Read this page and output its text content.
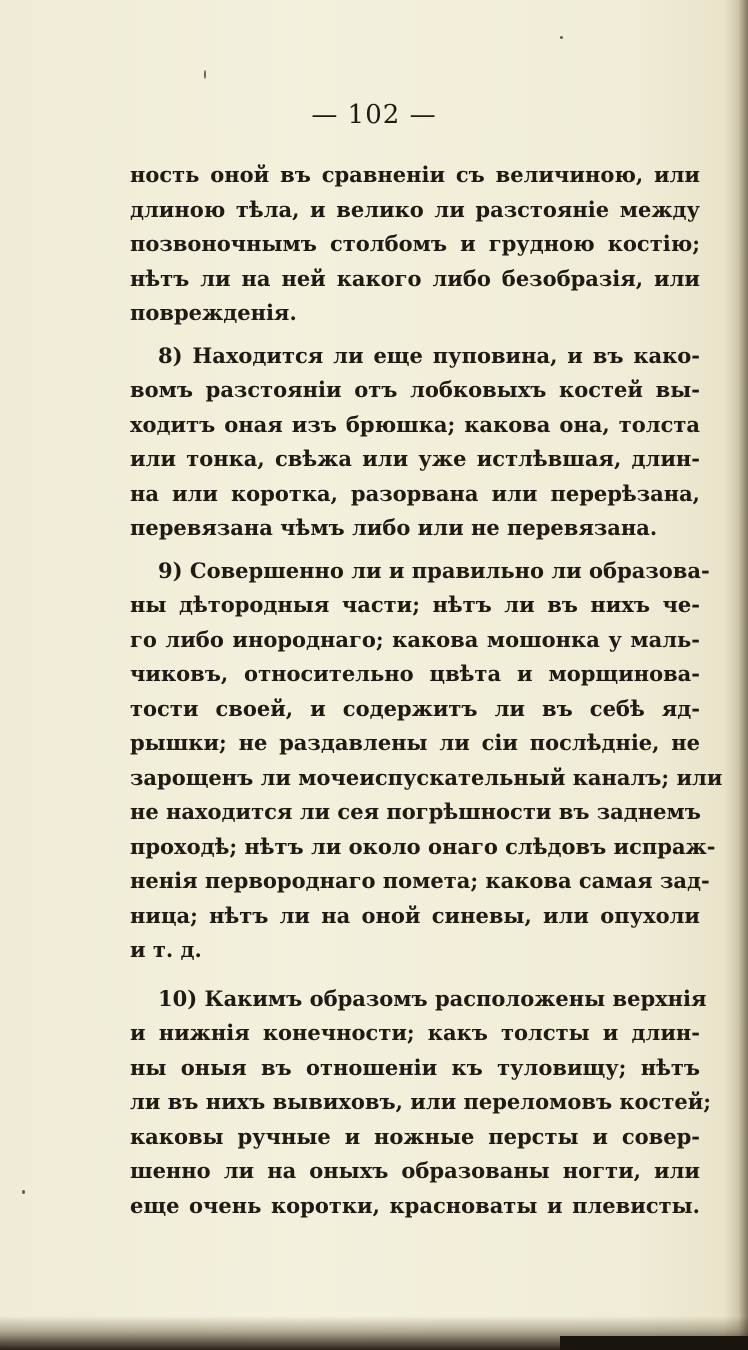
— 102 —

ность оной въ сравненіи съ величиною, или
длиною тѣла, и велико ли разстояніе между
позвоночнымъ столбомъ и грудною костію;
нѣтъ ли на ней какого либо безобразія, или
поврежденія.

8) Находится ли еще пуповина, и въ како-
вомъ разстояніи отъ лобковыхъ костей вы-
ходитъ оная изъ брюшка; какова она, толста
или тонка, свѣжа или уже истлѣвшая, длин-
на или коротка, разорвана или перерѣзана,
перевязана чѣмъ либо или не перевязана.

9) Совершенно ли и правильно ли образова-
ны дѣтородныя части; нѣтъ ли въ нихъ че-
го либо инороднаго; какова мошонка у маль-
чиковъ, относительно цвѣта и морщинова-
тости своей, и содержитъ ли въ себѣ яд-
рышки; не раздавлены ли сіи послѣдніе, не
зарощенъ ли мочеиспускательный каналъ; или
не находится ли сея погрѣшности въ заднемъ
проходѣ; нѣтъ ли около онаго слѣдовъ испраж-
ненія первороднаго помета; какова самая зад-
ница; нѣтъ ли на оной синевы, или опухоли
и т. д.

10) Какимъ образомъ расположены верхнія
и нижнія конечности; какъ толсты и длин-
ны оныя въ отношеніи къ туловищу; нѣтъ
ли въ нихъ вывиховъ, или переломовъ костей;
каковы ручные и ножные персты и совер-
шенно ли на оныхъ образованы ногти, или
еще очень коротки, красноваты и плевисты.
